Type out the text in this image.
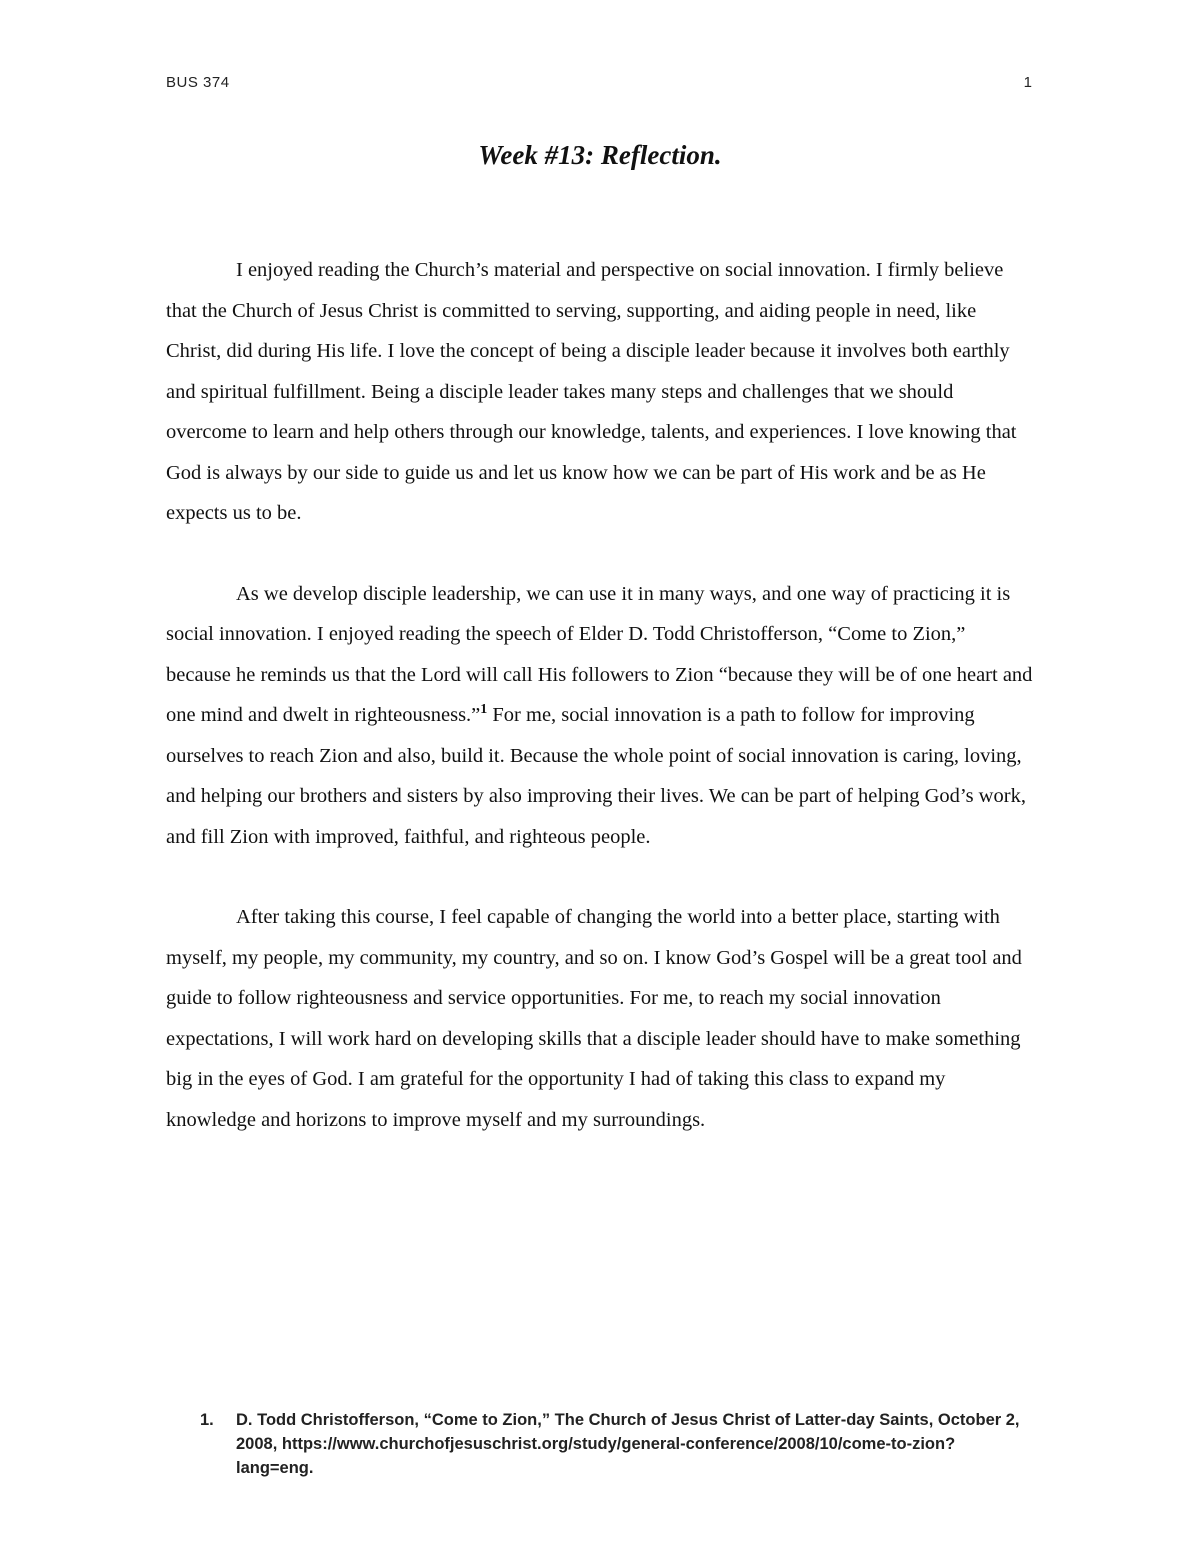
BUS 374	1
Week #13: Reflection.

I enjoyed reading the Church’s material and perspective on social innovation. I firmly believe that the Church of Jesus Christ is committed to serving, supporting, and aiding people in need, like Christ, did during His life. I love the concept of being a disciple leader because it involves both earthly and spiritual fulfillment. Being a disciple leader takes many steps and challenges that we should overcome to learn and help others through our knowledge, talents, and experiences. I love knowing that God is always by our side to guide us and let us know how we can be part of His work and be as He expects us to be.

As we develop disciple leadership, we can use it in many ways, and one way of practicing it is social innovation. I enjoyed reading the speech of Elder D. Todd Christofferson, “Come to Zion,” because he reminds us that the Lord will call His followers to Zion “because they will be of one heart and one mind and dwelt in righteousness.”$^1$ For me, social innovation is a path to follow for improving ourselves to reach Zion and also, build it. Because the whole point of social innovation is caring, loving, and helping our brothers and sisters by also improving their lives. We can be part of helping God’s work, and fill Zion with improved, faithful, and righteous people.

After taking this course, I feel capable of changing the world into a better place, starting with myself, my people, my community, my country, and so on. I know God’s Gospel will be a great tool and guide to follow righteousness and service opportunities. For me, to reach my social innovation expectations, I will work hard on developing skills that a disciple leader should have to make something big in the eyes of God. I am grateful for the opportunity I had of taking this class to expand my knowledge and horizons to improve myself and my surroundings.

1.	D. Todd Christofferson, “Come to Zion,” The Church of Jesus Christ of Latter-day Saints, October 2, 2008, https://www.churchofjesuschrist.org/study/general-conference/2008/10/come-to-zion?lang=eng.
